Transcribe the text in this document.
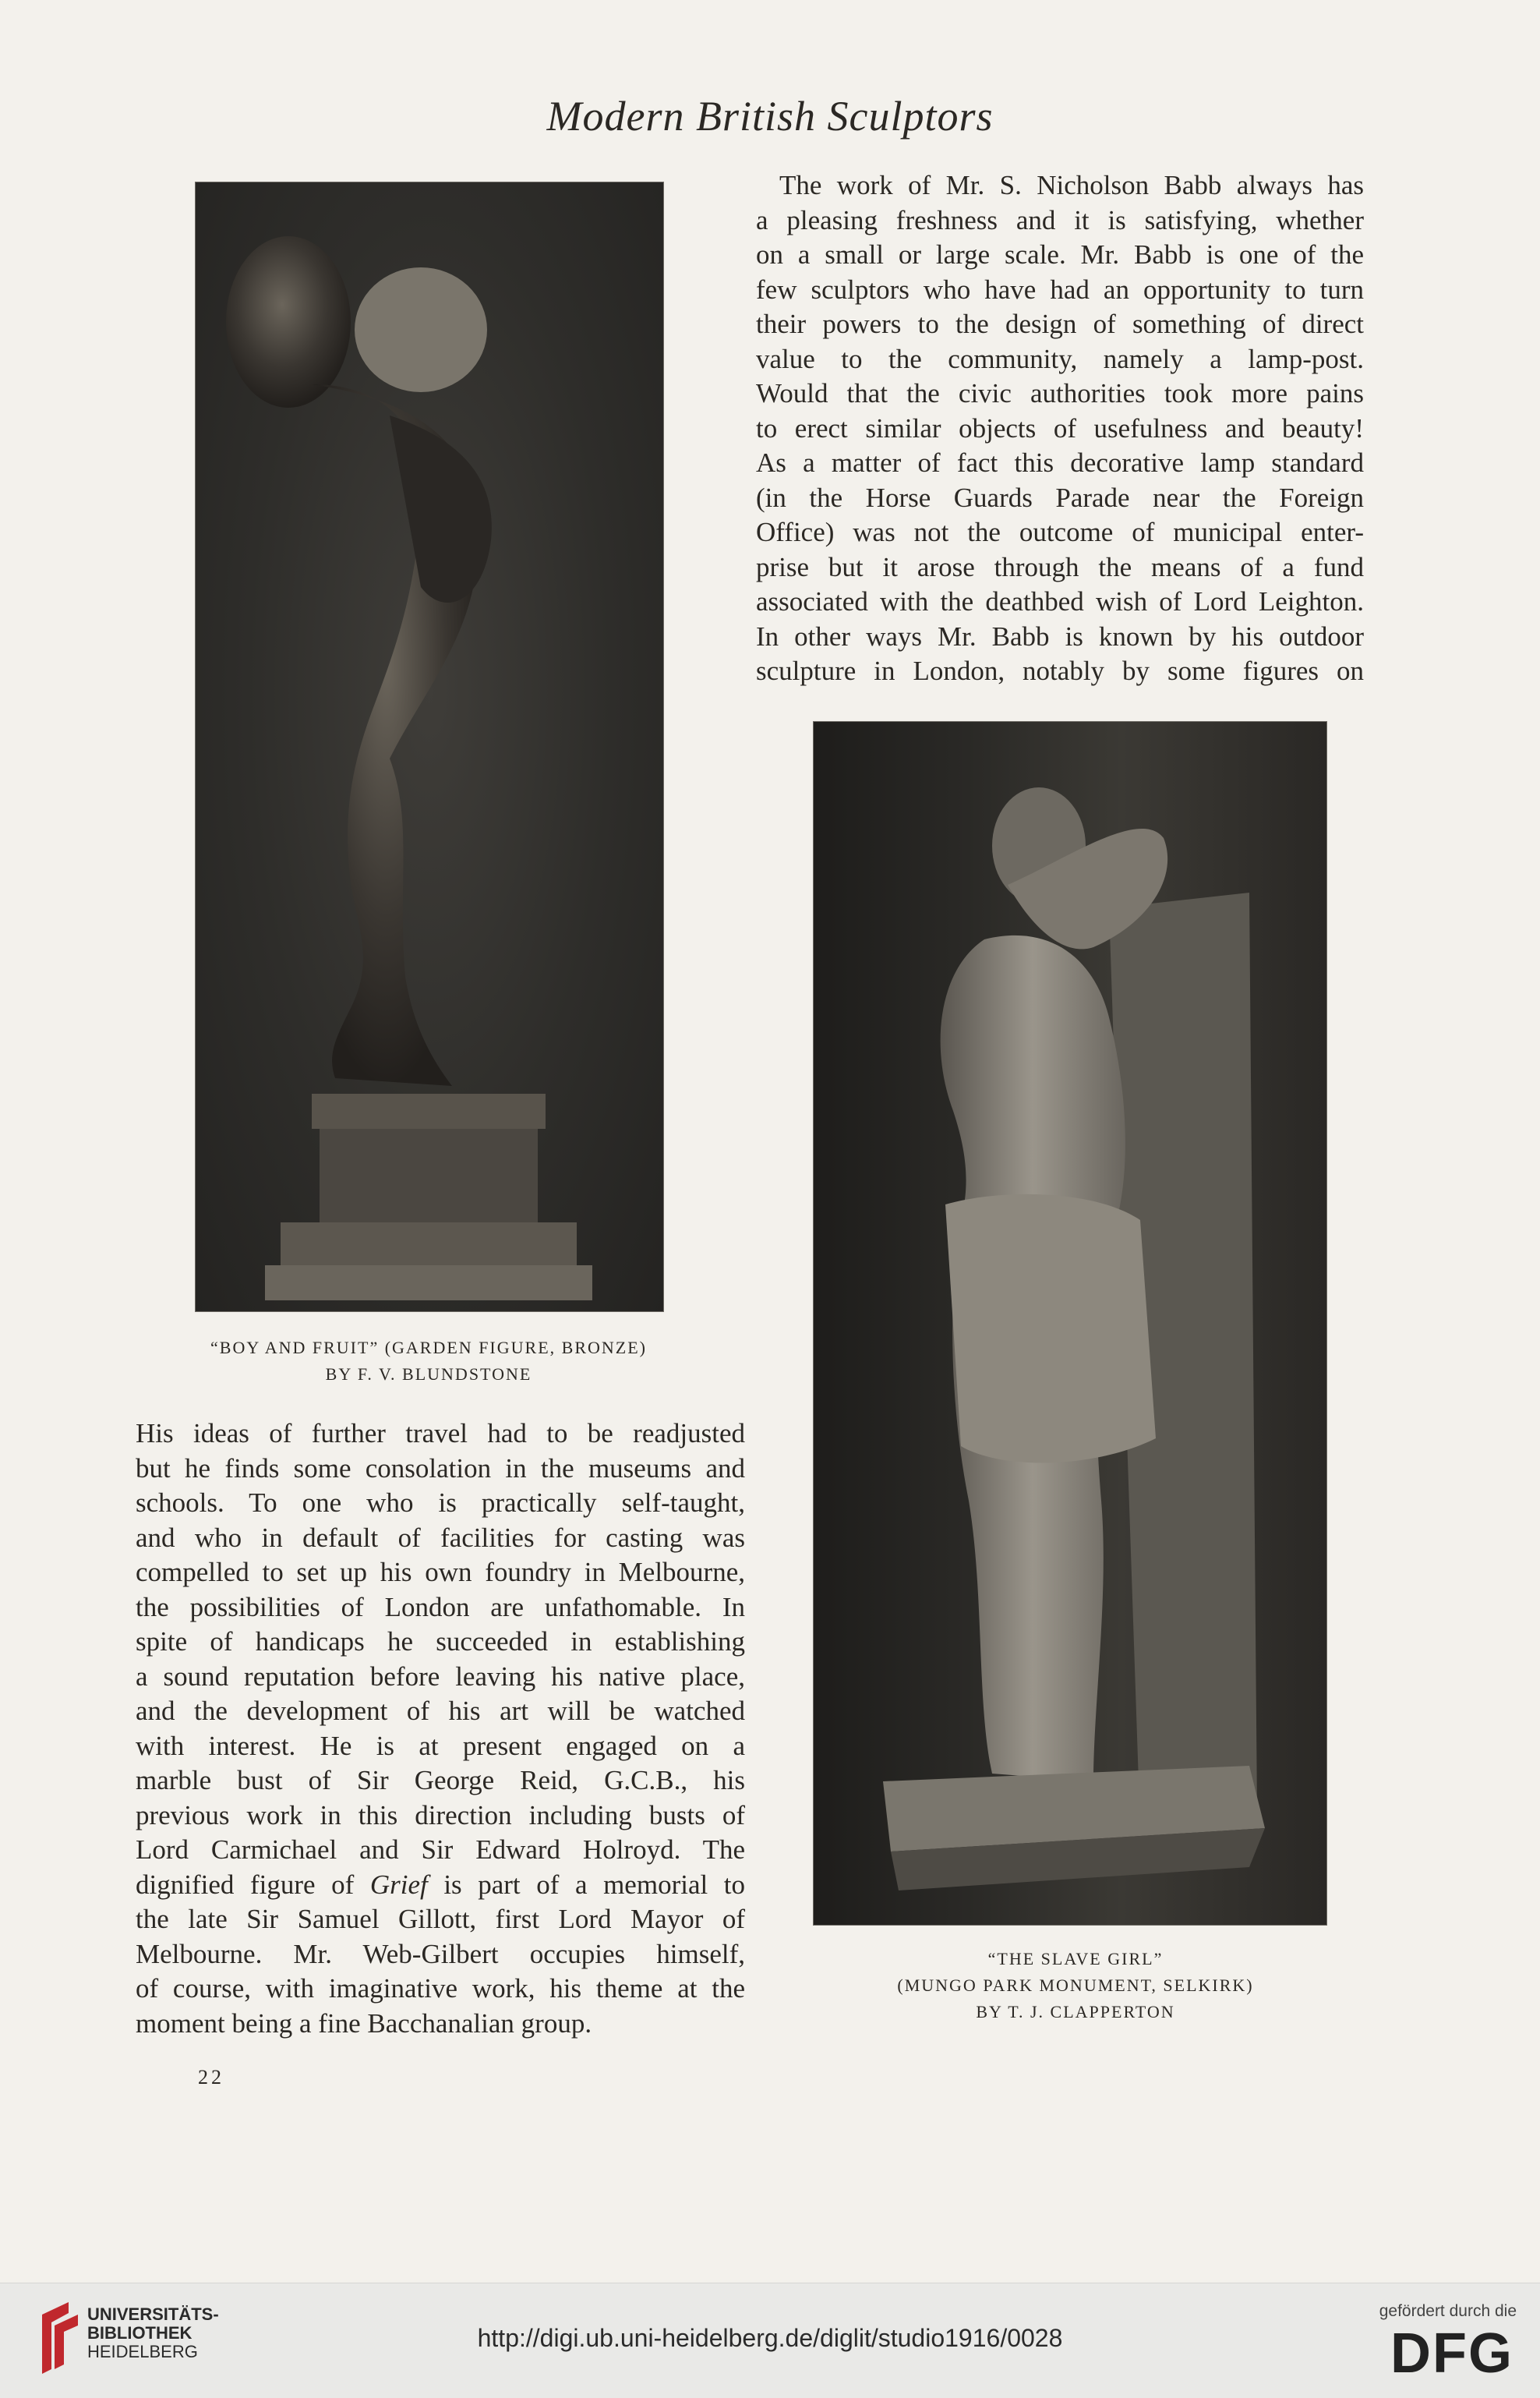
Modern British Sculptors
The work of Mr. S. Nicholson Babb always has
a pleasing freshness and it is satisfying, whether
on a small or large scale. Mr. Babb is one of the
few sculptors who have had an opportunity to turn
their powers to the design of something of direct
value to the community, namely a lamp-post.
Would that the civic authorities took more pains
to erect similar objects of usefulness and beauty!
As a matter of fact this decorative lamp standard
(in the Horse Guards Parade near the Foreign
Office) was not the outcome of municipal enter-
prise but it arose through the means of a fund
associated with the deathbed wish of Lord Leighton.
In other ways Mr. Babb is known by his outdoor
sculpture in London, notably by some figures on
“BOY AND FRUIT” (GARDEN FIGURE, BRONZE)
BY F. V. BLUNDSTONE
“THE SLAVE GIRL”
(MUNGO PARK MONUMENT, SELKIRK)
BY T. J. CLAPPERTON
His ideas of further travel had to be readjusted
but he finds some consolation in the museums and
schools. To one who is practically self-taught,
and who in default of facilities for casting was
compelled to set up his own foundry in Melbourne,
the possibilities of London are unfathomable. In
spite of handicaps he succeeded in establishing
a sound reputation before leaving his native place,
and the development of his art will be watched
with interest. He is at present engaged on a
marble bust of Sir George Reid, G.C.B., his
previous work in this direction including busts of
Lord Carmichael and Sir Edward Holroyd. The
dignified figure of Grief is part of a memorial to
the late Sir Samuel Gillott, first Lord Mayor of
Melbourne. Mr. Web-Gilbert occupies himself,
of course, with imaginative work, his theme at the
moment being a fine Bacchanalian group.
22
UNIVERSITÄTS-
BIBLIOTHEK
HEIDELBERG	http://digi.ub.uni-heidelberg.de/diglit/studio1916/0028
gefördert durch die
DFG
